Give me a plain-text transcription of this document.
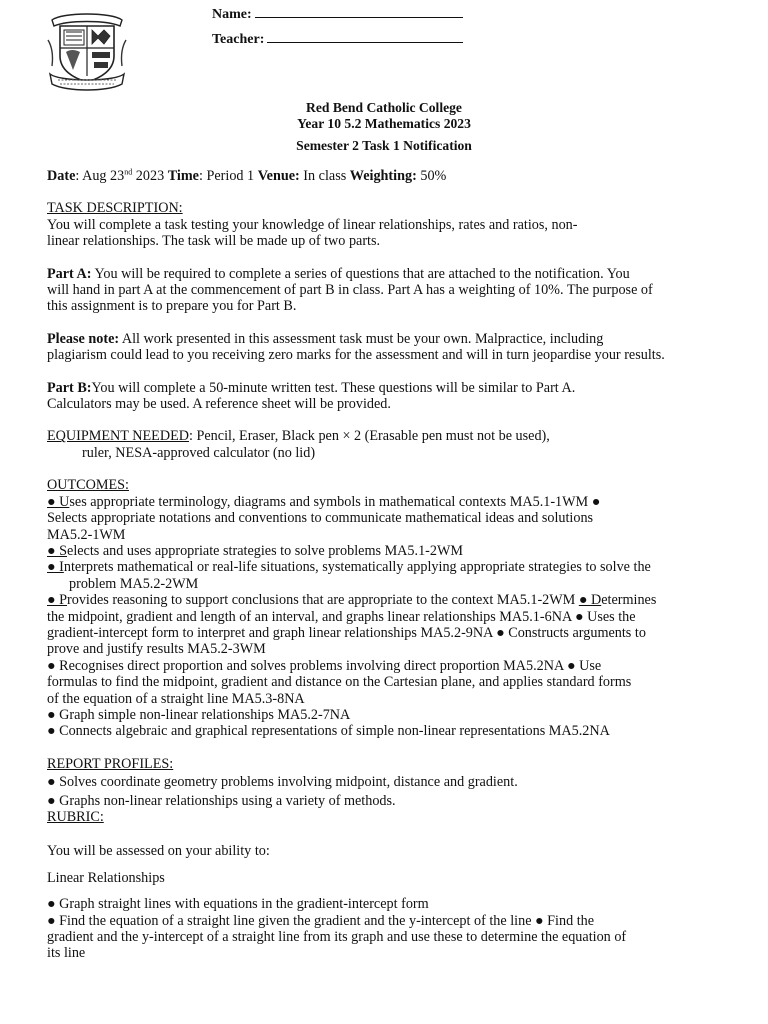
Name:
Teacher:
Red Bend Catholic College
Year 10 5.2 Mathematics 2023
Semester 2 Task 1 Notification

Date: Aug 23nd 2023 Time: Period 1 Venue: In class Weighting: 50%

TASK DESCRIPTION:

You will complete a task testing your knowledge of linear relationships, rates and ratios, non-

linear relationships. The task will be made up of two parts.

Part A: You will be required to complete a series of questions that are attached to the notification. You

will hand in part A at the commencement of part B in class. Part A has a weighting of 10%. The purpose of

this assignment is to prepare you for Part B.

Please note: All work presented in this assessment task must be your own. Malpractice, including

plagiarism could lead to you receiving zero marks for the assessment and will in turn jeopardise your results.

Part B:You will complete a 50-minute written test. These questions will be similar to Part A.

Calculators may be used. A reference sheet will be provided.

EQUIPMENT NEEDED: Pencil, Eraser, Black pen × 2 (Erasable pen must not be used),

ruler, NESA-approved calculator (no lid)

OUTCOMES:

● Uses appropriate terminology, diagrams and symbols in mathematical contexts MA5.1-1WM ●

Selects appropriate notations and conventions to communicate mathematical ideas and solutions

MA5.2-1WM

● Selects and uses appropriate strategies to solve problems MA5.1-2WM

● Interprets mathematical or real-life situations, systematically applying appropriate strategies to solve the

problem MA5.2-2WM

● Provides reasoning to support conclusions that are appropriate to the context MA5.1-2WM ● Determines

the midpoint, gradient and length of an interval, and graphs linear relationships MA5.1-6NA ● Uses the

gradient-intercept form to interpret and graph linear relationships MA5.2-9NA ● Constructs arguments to

prove and justify results MA5.2-3WM

● Recognises direct proportion and solves problems involving direct proportion MA5.2NA ● Use

formulas to find the midpoint, gradient and distance on the Cartesian plane, and applies standard forms

of the equation of a straight line MA5.3-8NA

● Graph simple non-linear relationships MA5.2-7NA

● Connects algebraic and graphical representations of simple non-linear representations MA5.2NA

REPORT PROFILES:

● Solves coordinate geometry problems involving midpoint, distance and gradient.

● Graphs non-linear relationships using a variety of methods.

RUBRIC:

You will be assessed on your ability to:

Linear Relationships

● Graph straight lines with equations in the gradient-intercept form

● Find the equation of a straight line given the gradient and the y-intercept of the line ● Find the

gradient and the y-intercept of a straight line from its graph and use these to determine the equation of

its line
